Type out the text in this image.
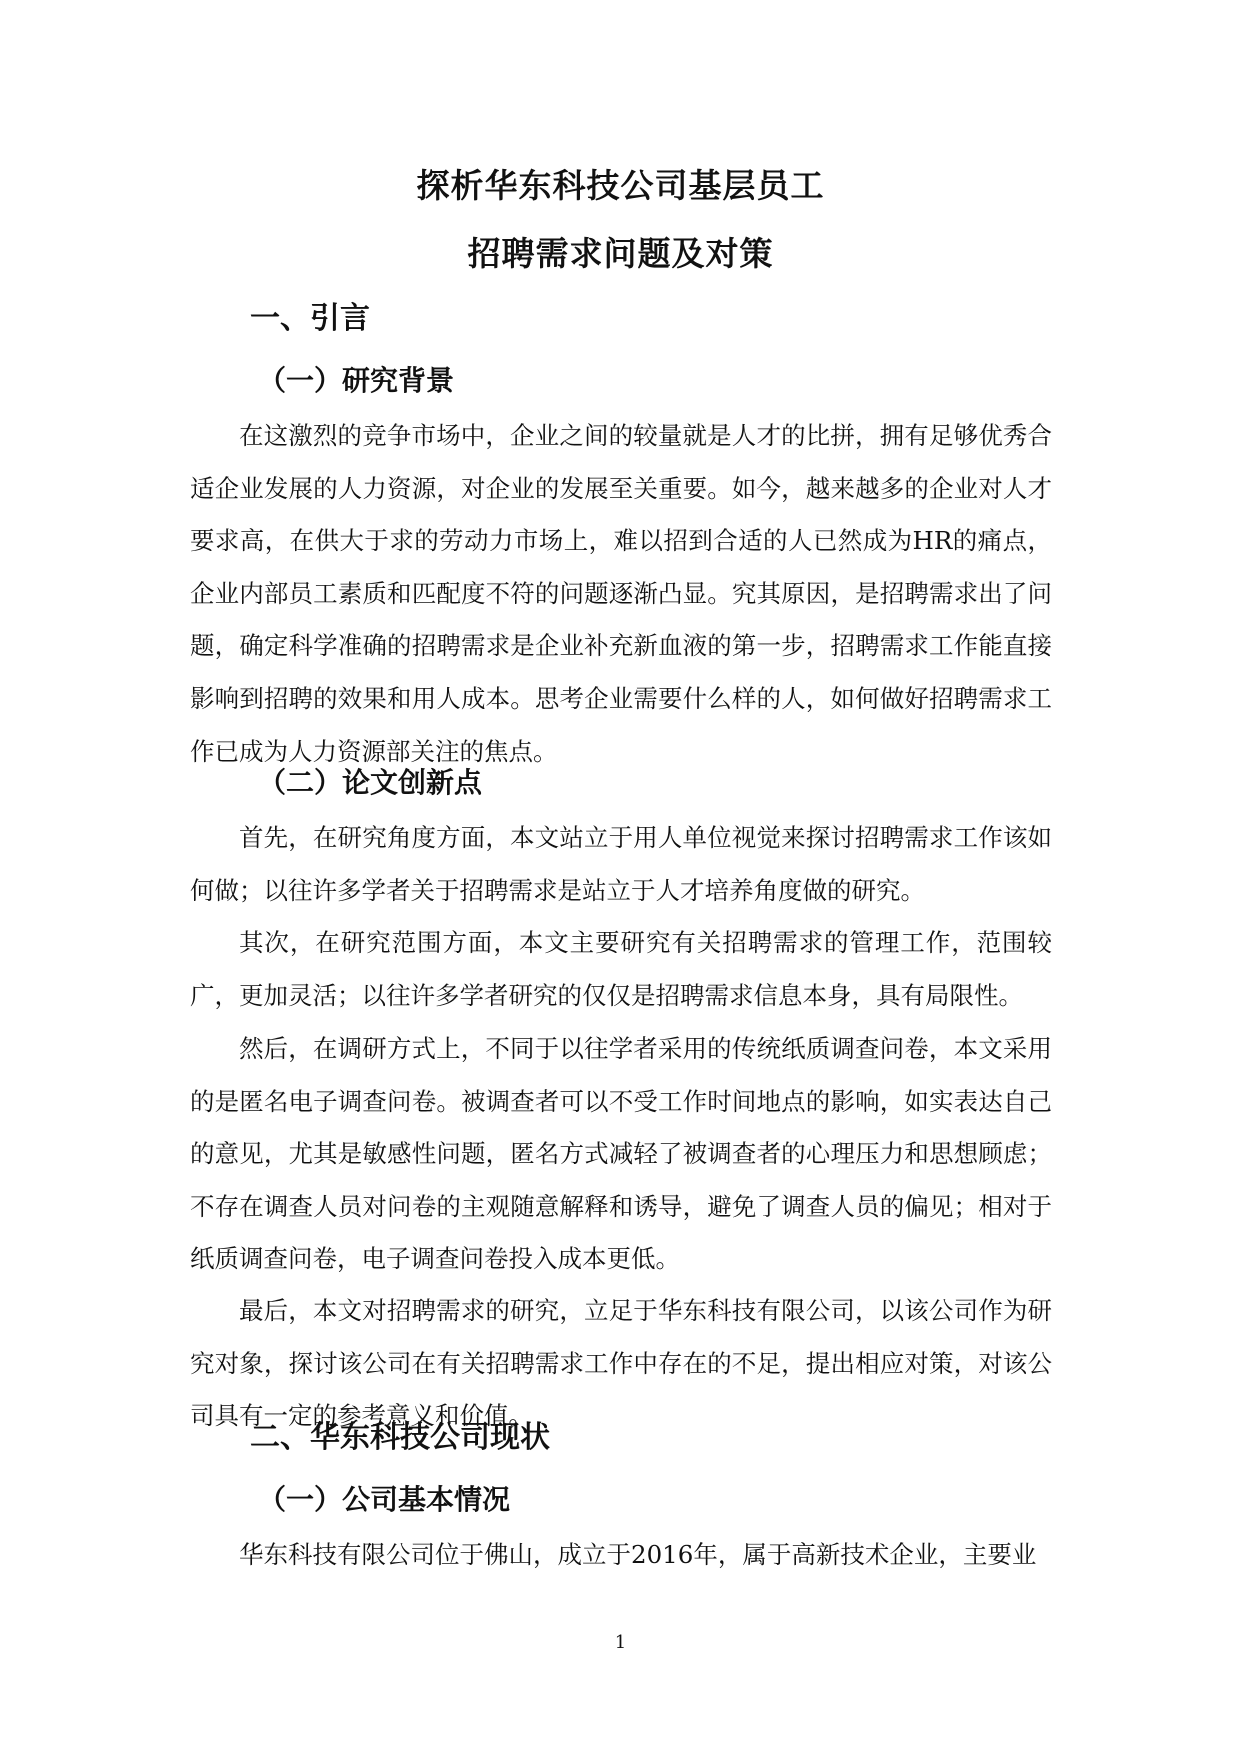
探析华东科技公司基层员工
招聘需求问题及对策
一、引言
（一）研究背景

在这激烈的竞争市场中，企业之间的较量就是人才的比拼，拥有足够优秀合适企业发展的人力资源，对企业的发展至关重要。如今，越来越多的企业对人才要求高，在供大于求的劳动力市场上，难以招到合适的人已然成为HR的痛点，企业内部员工素质和匹配度不符的问题逐渐凸显。究其原因，是招聘需求出了问题，确定科学准确的招聘需求是企业补充新血液的第一步，招聘需求工作能直接影响到招聘的效果和用人成本。思考企业需要什么样的人，如何做好招聘需求工作已成为人力资源部关注的焦点。

（二）论文创新点

首先，在研究角度方面，本文站立于用人单位视觉来探讨招聘需求工作该如何做；以往许多学者关于招聘需求是站立于人才培养角度做的研究。

其次，在研究范围方面，本文主要研究有关招聘需求的管理工作，范围较广，更加灵活；以往许多学者研究的仅仅是招聘需求信息本身，具有局限性。

然后，在调研方式上，不同于以往学者采用的传统纸质调查问卷，本文采用的是匿名电子调查问卷。被调查者可以不受工作时间地点的影响，如实表达自己的意见，尤其是敏感性问题，匿名方式减轻了被调查者的心理压力和思想顾虑；不存在调查人员对问卷的主观随意解释和诱导，避免了调查人员的偏见；相对于纸质调查问卷，电子调查问卷投入成本更低。

最后，本文对招聘需求的研究，立足于华东科技有限公司，以该公司作为研究对象，探讨该公司在有关招聘需求工作中存在的不足，提出相应对策，对该公司具有一定的参考意义和价值。

二、华东科技公司现状
（一）公司基本情况

华东科技有限公司位于佛山，成立于2016年，属于高新技术企业，主要业

1
